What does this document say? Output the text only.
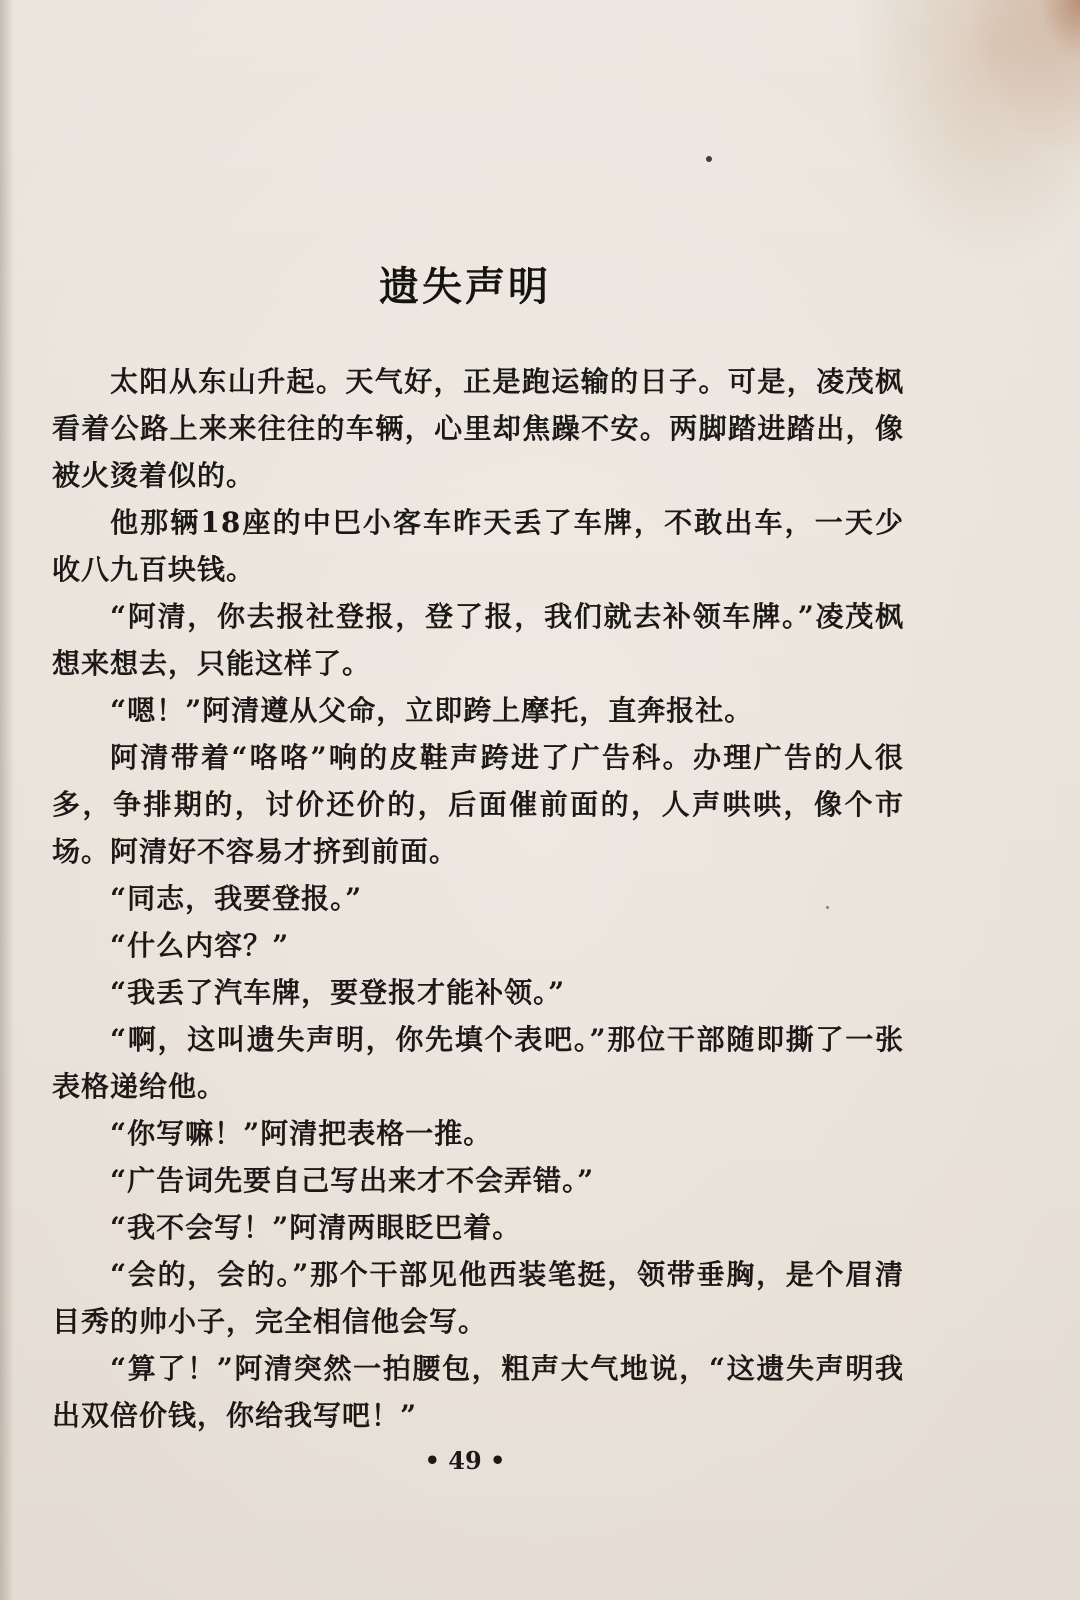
遗失声明

太阳从东山升起。天气好，正是跑运输的日子。可是，凌茂枫看着公路上来来往往的车辆，心里却焦躁不安。两脚踏进踏出，像被火烫着似的。

他那辆18座的中巴小客车昨天丢了车牌，不敢出车，一天少收八九百块钱。

“阿清，你去报社登报，登了报，我们就去补领车牌。”凌茂枫想来想去，只能这样了。

“嗯！”阿清遵从父命，立即跨上摩托，直奔报社。

阿清带着“咯咯”响的皮鞋声跨进了广告科。办理广告的人很多，争排期的，讨价还价的，后面催前面的，人声哄哄，像个市场。阿清好不容易才挤到前面。

“同志，我要登报。”

“什么内容？”

“我丢了汽车牌，要登报才能补领。”

“啊，这叫遗失声明，你先填个表吧。”那位干部随即撕了一张表格递给他。

“你写嘛！”阿清把表格一推。

“广告词先要自己写出来才不会弄错。”

“我不会写！”阿清两眼眨巴着。

“会的，会的。”那个干部见他西装笔挺，领带垂胸，是个眉清目秀的帅小子，完全相信他会写。

“算了！”阿清突然一拍腰包，粗声大气地说，“这遗失声明我出双倍价钱，你给我写吧！”

• 49 •
